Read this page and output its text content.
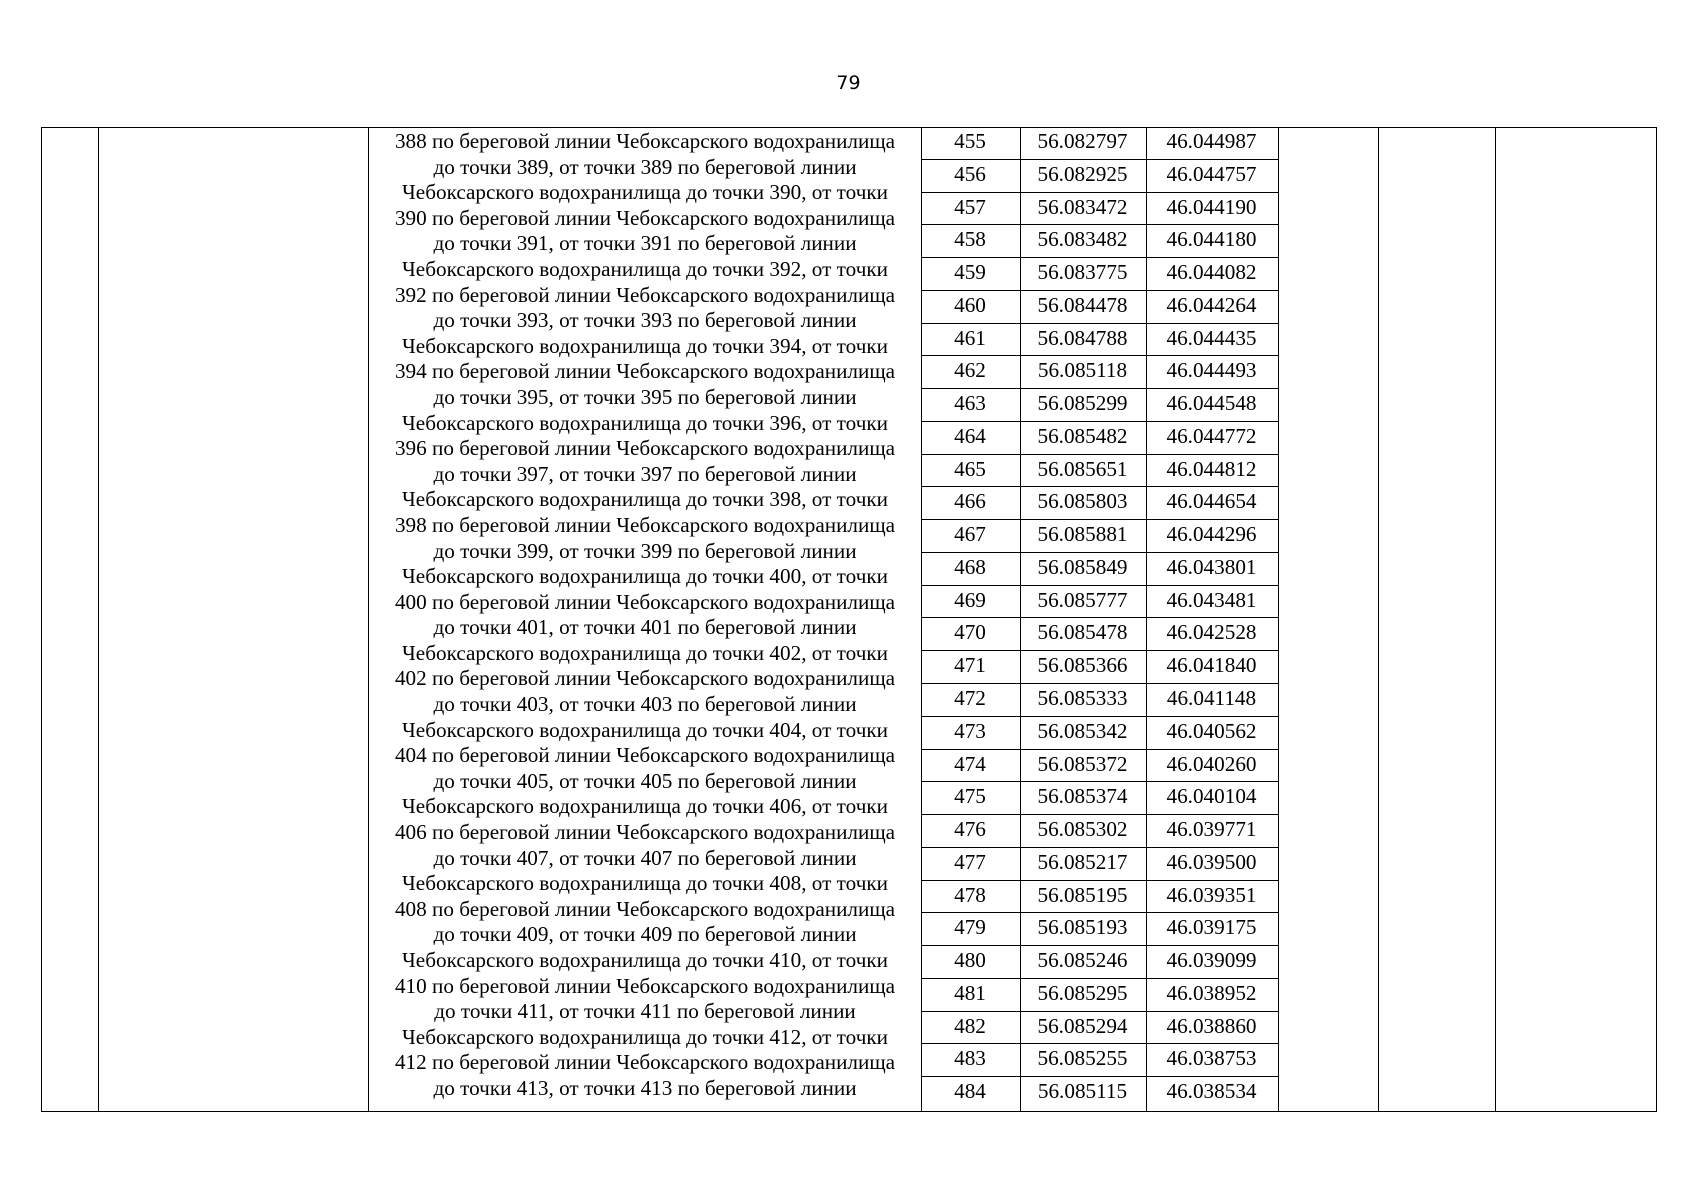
79
388 по береговой линии Чебоксарского водохранилища
до точки 389, от точки 389 по береговой линии
Чебоксарского водохранилища до точки 390, от точки
390 по береговой линии Чебоксарского водохранилища
до точки 391, от точки 391 по береговой линии
Чебоксарского водохранилища до точки 392, от точки
392 по береговой линии Чебоксарского водохранилища
до точки 393, от точки 393 по береговой линии
Чебоксарского водохранилища до точки 394, от точки
394 по береговой линии Чебоксарского водохранилища
до точки 395, от точки 395 по береговой линии
Чебоксарского водохранилища до точки 396, от точки
396 по береговой линии Чебоксарского водохранилища
до точки 397, от точки 397 по береговой линии
Чебоксарского водохранилища до точки 398, от точки
398 по береговой линии Чебоксарского водохранилища
до точки 399, от точки 399 по береговой линии
Чебоксарского водохранилища до точки 400, от точки
400 по береговой линии Чебоксарского водохранилища
до точки 401, от точки 401 по береговой линии
Чебоксарского водохранилища до точки 402, от точки
402 по береговой линии Чебоксарского водохранилища
до точки 403, от точки 403 по береговой линии
Чебоксарского водохранилища до точки 404, от точки
404 по береговой линии Чебоксарского водохранилища
до точки 405, от точки 405 по береговой линии
Чебоксарского водохранилища до точки 406, от точки
406 по береговой линии Чебоксарского водохранилища
до точки 407, от точки 407 по береговой линии
Чебоксарского водохранилища до точки 408, от точки
408 по береговой линии Чебоксарского водохранилища
до точки 409, от точки 409 по береговой линии
Чебоксарского водохранилища до точки 410, от точки
410 по береговой линии Чебоксарского водохранилища
до точки 411, от точки 411 по береговой линии
Чебоксарского водохранилища до точки 412, от точки
412 по береговой линии Чебоксарского водохранилища
до точки 413, от точки 413 по береговой линии
455	56.082797	46.044987
456	56.082925	46.044757
457	56.083472	46.044190
458	56.083482	46.044180
459	56.083775	46.044082
460	56.084478	46.044264
461	56.084788	46.044435
462	56.085118	46.044493
463	56.085299	46.044548
464	56.085482	46.044772
465	56.085651	46.044812
466	56.085803	46.044654
467	56.085881	46.044296
468	56.085849	46.043801
469	56.085777	46.043481
470	56.085478	46.042528
471	56.085366	46.041840
472	56.085333	46.041148
473	56.085342	46.040562
474	56.085372	46.040260
475	56.085374	46.040104
476	56.085302	46.039771
477	56.085217	46.039500
478	56.085195	46.039351
479	56.085193	46.039175
480	56.085246	46.039099
481	56.085295	46.038952
482	56.085294	46.038860
483	56.085255	46.038753
484	56.085115	46.038534
